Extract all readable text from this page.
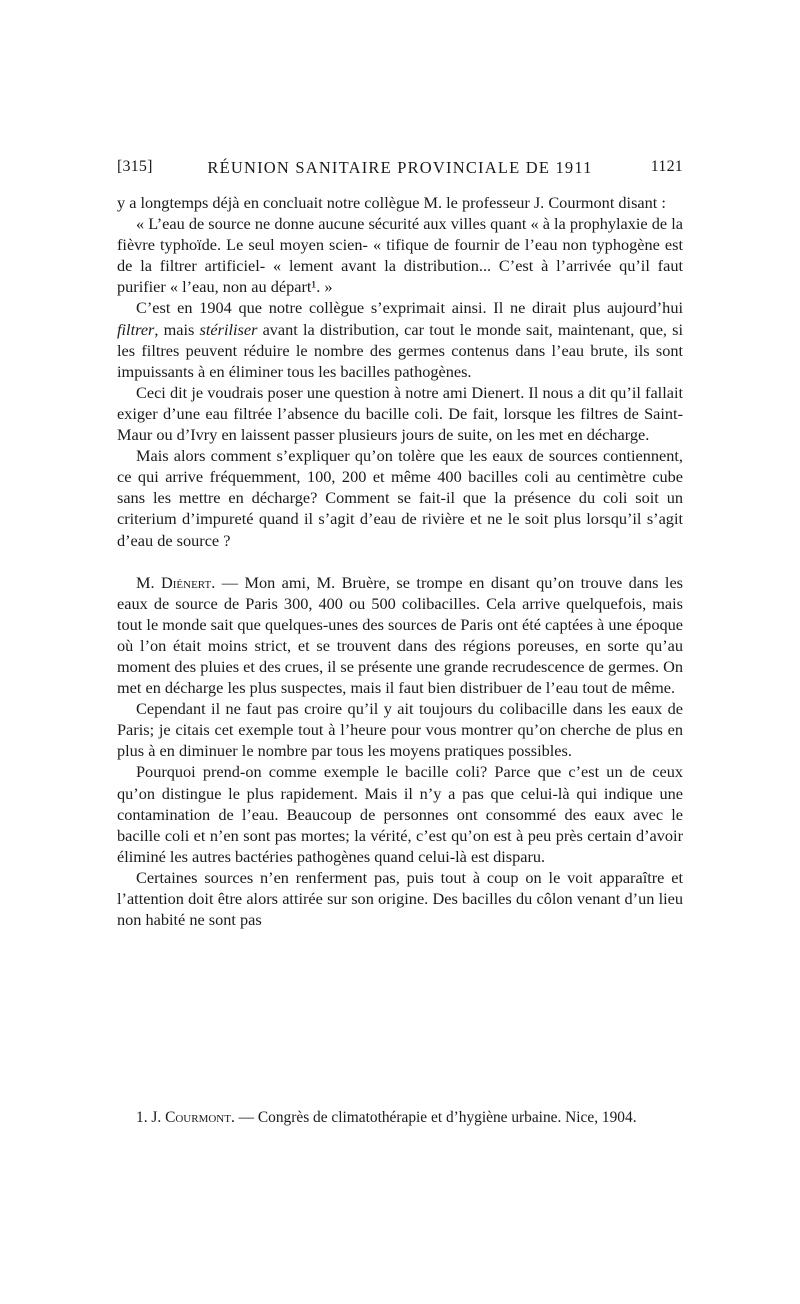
[315]	RÉUNION SANITAIRE PROVINCIALE DE 1911	1121

y a longtemps déjà en concluait notre collègue M. le professeur J. Courmont disant :

« L’eau de source ne donne aucune sécurité aux villes quant « à la prophylaxie de la fièvre typhoïde. Le seul moyen scien- « tifique de fournir de l’eau non typhogène est de la filtrer artificiel- « lement avant la distribution... C’est à l’arrivée qu’il faut purifier « l’eau, non au départ¹. »

C’est en 1904 que notre collègue s’exprimait ainsi. Il ne dirait plus aujourd’hui filtrer, mais stériliser avant la distribution, car tout le monde sait, maintenant, que, si les filtres peuvent réduire le nombre des germes contenus dans l’eau brute, ils sont impuissants à en éliminer tous les bacilles pathogènes.

Ceci dit je voudrais poser une question à notre ami Dienert. Il nous a dit qu’il fallait exiger d’une eau filtrée l’absence du bacille coli. De fait, lorsque les filtres de Saint-Maur ou d’Ivry en laissent passer plusieurs jours de suite, on les met en décharge.

Mais alors comment s’expliquer qu’on tolère que les eaux de sources contiennent, ce qui arrive fréquemment, 100, 200 et même 400 bacilles coli au centimètre cube sans les mettre en décharge? Comment se fait-il que la présence du coli soit un criterium d’impureté quand il s’agit d’eau de rivière et ne le soit plus lorsqu’il s’agit d’eau de source ?

M. Diénert. — Mon ami, M. Bruère, se trompe en disant qu’on trouve dans les eaux de source de Paris 300, 400 ou 500 colibacilles. Cela arrive quelquefois, mais tout le monde sait que quelques-unes des sources de Paris ont été captées à une époque où l’on était moins strict, et se trouvent dans des régions poreuses, en sorte qu’au moment des pluies et des crues, il se présente une grande recrudescence de germes. On met en décharge les plus suspectes, mais il faut bien distribuer de l’eau tout de même.

Cependant il ne faut pas croire qu’il y ait toujours du colibacille dans les eaux de Paris; je citais cet exemple tout à l’heure pour vous montrer qu’on cherche de plus en plus à en diminuer le nombre par tous les moyens pratiques possibles.

Pourquoi prend-on comme exemple le bacille coli? Parce que c’est un de ceux qu’on distingue le plus rapidement. Mais il n’y a pas que celui-là qui indique une contamination de l’eau. Beaucoup de personnes ont consommé des eaux avec le bacille coli et n’en sont pas mortes; la vérité, c’est qu’on est à peu près certain d’avoir éliminé les autres bactéries pathogènes quand celui-là est disparu.

Certaines sources n’en renferment pas, puis tout à coup on le voit apparaître et l’attention doit être alors attirée sur son origine. Des bacilles du côlon venant d’un lieu non habité ne sont pas

1. J. Courmont. — Congrès de climatothérapie et d’hygiène urbaine. Nice, 1904.
